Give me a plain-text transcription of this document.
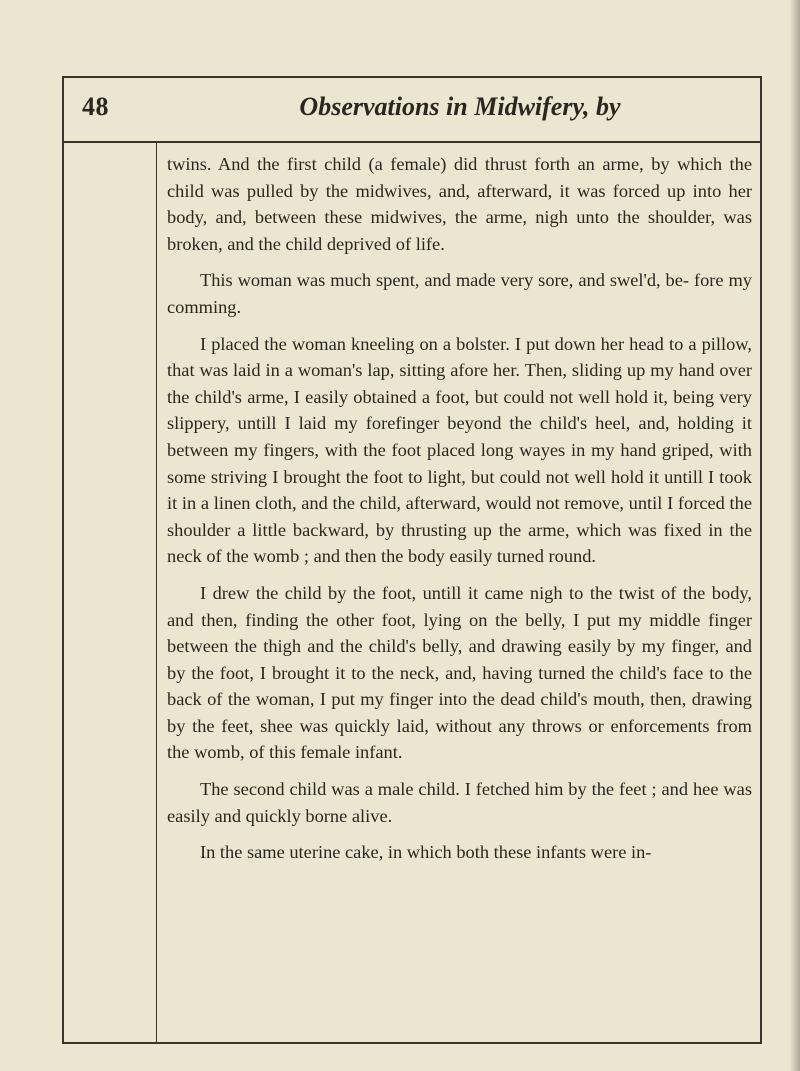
48	Observations in Midwifery, by

twins. And the first child (a female) did thrust forth an arme, by which the child was pulled by the midwives, and, afterward, it was forced up into her body, and, between these midwives, the arme, nigh unto the shoulder, was broken, and the child deprived of life.

This woman was much spent, and made very sore, and swel'd, be- fore my comming.

I placed the woman kneeling on a bolster. I put down her head to a pillow, that was laid in a woman's lap, sitting afore her. Then, sliding up my hand over the child's arme, I easily obtained a foot, but could not well hold it, being very slippery, untill I laid my forefinger beyond the child's heel, and, holding it between my fingers, with the foot placed long wayes in my hand griped, with some striving I brought the foot to light, but could not well hold it untill I took it in a linen cloth, and the child, afterward, would not remove, until I forced the shoulder a little backward, by thrusting up the arme, which was fixed in the neck of the womb ; and then the body easily turned round.

I drew the child by the foot, untill it came nigh to the twist of the body, and then, finding the other foot, lying on the belly, I put my middle finger between the thigh and the child's belly, and drawing easily by my finger, and by the foot, I brought it to the neck, and, having turned the child's face to the back of the woman, I put my finger into the dead child's mouth, then, drawing by the feet, shee was quickly laid, without any throws or enforcements from the womb, of this female infant.

The second child was a male child. I fetched him by the feet ; and hee was easily and quickly borne alive.

In the same uterine cake, in which both these infants were in-
